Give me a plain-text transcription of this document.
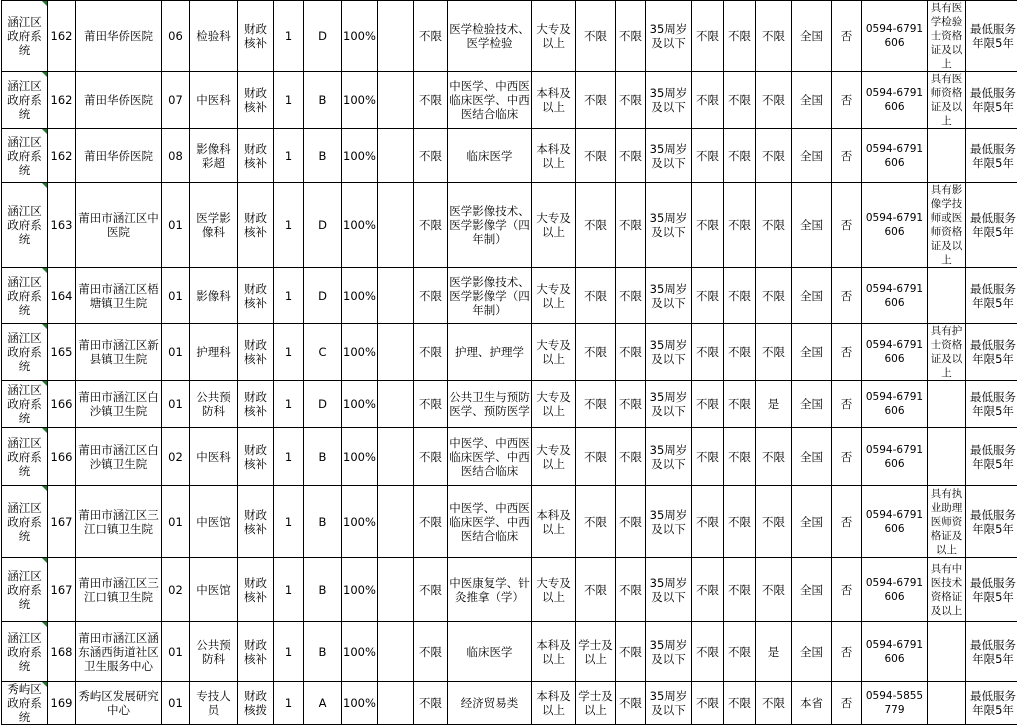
涵江区政府系统	162	莆田华侨医院	06	检验科	财政核补	1	D	100%		不限	医学检验技术、医学检验	大专及以上	不限	不限	35周岁及以下	不限	不限	不限	全国	否	0594-6791606	具有医学检验士资格证及以上	最低服务年限5年
涵江区政府系统	162	莆田华侨医院	07	中医科	财政核补	1	B	100%		不限	中医学、中西医临床医学、中西医结合临床	本科及以上	不限	不限	35周岁及以下	不限	不限	不限	全国	否	0594-6791606	具有医师资格证及以上	最低服务年限5年
涵江区政府系统	162	莆田华侨医院	08	影像科彩超	财政核补	1	B	100%		不限	临床医学	本科及以上	不限	不限	35周岁及以下	不限	不限	不限	全国	否	0594-6791606		最低服务年限5年
涵江区政府系统	163	莆田市涵江区中医院	01	医学影像科	财政核补	1	D	100%		不限	医学影像技术、医学影像学（四年制）	大专及以上	不限	不限	35周岁及以下	不限	不限	不限	全国	否	0594-6791606	具有影像学技师或医师资格证及以上	最低服务年限5年
涵江区政府系统	164	莆田市涵江区梧塘镇卫生院	01	影像科	财政核补	1	D	100%		不限	医学影像技术、医学影像学（四年制）	大专及以上	不限	不限	35周岁及以下	不限	不限	不限	全国	否	0594-6791606		最低服务年限5年
涵江区政府系统	165	莆田市涵江区新县镇卫生院	01	护理科	财政核补	1	C	100%		不限	护理、护理学	大专及以上	不限	不限	35周岁及以下	不限	不限	不限	全国	否	0594-6791606	具有护士资格证及以上	最低服务年限5年
涵江区政府系统	166	莆田市涵江区白沙镇卫生院	01	公共预防科	财政核补	1	D	100%		不限	公共卫生与预防医学、预防医学	大专及以上	不限	不限	35周岁及以下	不限	不限	是	全国	否	0594-6791606		最低服务年限5年
涵江区政府系统	166	莆田市涵江区白沙镇卫生院	02	中医科	财政核补	1	B	100%		不限	中医学、中西医临床医学、中西医结合临床	大专及以上	不限	不限	35周岁及以下	不限	不限	不限	全国	否	0594-6791606		最低服务年限5年
涵江区政府系统	167	莆田市涵江区三江口镇卫生院	01	中医馆	财政核补	1	B	100%		不限	中医学、中西医临床医学、中西医结合临床	本科及以上	不限	不限	35周岁及以下	不限	不限	不限	全国	否	0594-6791606	具有执业助理医师资格证及以上	最低服务年限5年
涵江区政府系统	167	莆田市涵江区三江口镇卫生院	02	中医馆	财政核补	1	B	100%		不限	中医康复学、针灸推拿（学）	大专及以上	不限	不限	35周岁及以下	不限	不限	不限	全国	否	0594-6791606	具有中医技术资格证及以上	最低服务年限5年
涵江区政府系统	168	莆田市涵江区涵东涵西街道社区卫生服务中心	01	公共预防科	财政核补	1	B	100%		不限	临床医学	本科及以上	学士及以上	不限	35周岁及以下	不限	不限	是	全国	否	0594-6791606		最低服务年限5年
秀屿区政府系统	169	秀屿区发展研究中心	01	专技人员	财政核拨	1	A	100%		不限	经济贸易类	本科及以上	学士及以上	不限	35周岁及以下	不限	不限	不限	本省	否	0594-5855779		最低服务年限5年
